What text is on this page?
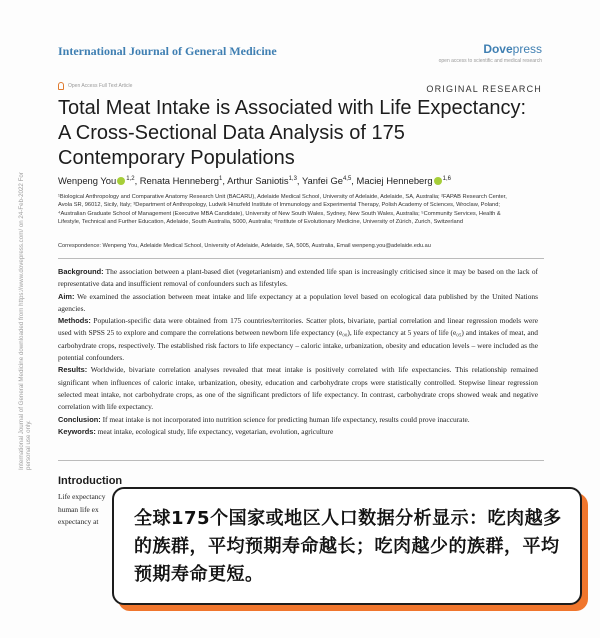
International Journal of General Medicine downloaded from https://www.dovepress.com/ on 24-Feb-2022 For personal use only.
International Journal of General Medicine	Dovepress
open access to scientific and medical research
Open Access Full Text Article	ORIGINAL RESEARCH
Total Meat Intake is Associated with Life Expectancy: A Cross-Sectional Data Analysis of 175 Contemporary Populations
Wenpeng You $^{1,2}$, Renata Henneberg$^1$, Arthur Saniotis$^{1,3}$, Yanfei Ge$^{4,5}$, Maciej Henneberg $^{1,6}$
¹Biological Anthropology and Comparative Anatomy Research Unit (BACARU), Adelaide Medical School, University of Adelaide, Adelaide, SA, Australia; ²FAPAB Research Center, Avola SR, 96012, Sicily, Italy; ³Department of Anthropology, Ludwik Hirszfeld Institute of Immunology and Experimental Therapy, Polish Academy of Sciences, Wroclaw, Poland; ⁴Australian Graduate School of Management (Executive MBA Candidate), University of New South Wales, Sydney, New South Wales, Australia; ⁵Community Services, Health & Lifestyle, Technical and Further Education, Adelaide, South Australia, 5000, Australia; ⁶Institute of Evolutionary Medicine, University of Zürich, Zurich, Switzerland
Correspondence: Wenpeng You, Adelaide Medical School, University of Adelaide, Adelaide, SA, 5005, Australia, Email wenpeng.you@adelaide.edu.au

Background: The association between a plant-based diet (vegetarianism) and extended life span is increasingly criticised since it may be based on the lack of representative data and insufficient removal of confounders such as lifestyles.

Aim: We examined the association between meat intake and life expectancy at a population level based on ecological data published by the United Nations agencies.

Methods: Population-specific data were obtained from 175 countries/territories. Scatter plots, bivariate, partial correlation and linear regression models were used with SPSS 25 to explore and compare the correlations between newborn life expectancy (e₀₀), life expectancy at 5 years of life (e₀₅) and intakes of meat, and carbohydrate crops, respectively. The established risk factors to life expectancy – caloric intake, urbanization, obesity and education levels – were included as the potential confounders.

Results: Worldwide, bivariate correlation analyses revealed that meat intake is positively correlated with life expectancies. This relationship remained significant when influences of caloric intake, urbanization, obesity, education and carbohydrate crops were statistically controlled. Stepwise linear regression selected meat intake, not carbohydrate crops, as one of the significant predictors of life expectancy. In contrast, carbohydrate crops showed weak and negative correlation with life expectancy.

Conclusion: If meat intake is not incorporated into nutrition science for predicting human life expectancy, results could prove inaccurate.

Keywords: meat intake, ecological study, life expectancy, vegetarian, evolution, agriculture

Introduction
Life expectancy
human life ex
expectancy at	全球175个国家或地区人口数据分析显示：吃肉越多的族群，平均预期寿命越长；吃肉越少的族群，平均预期寿命更短。
